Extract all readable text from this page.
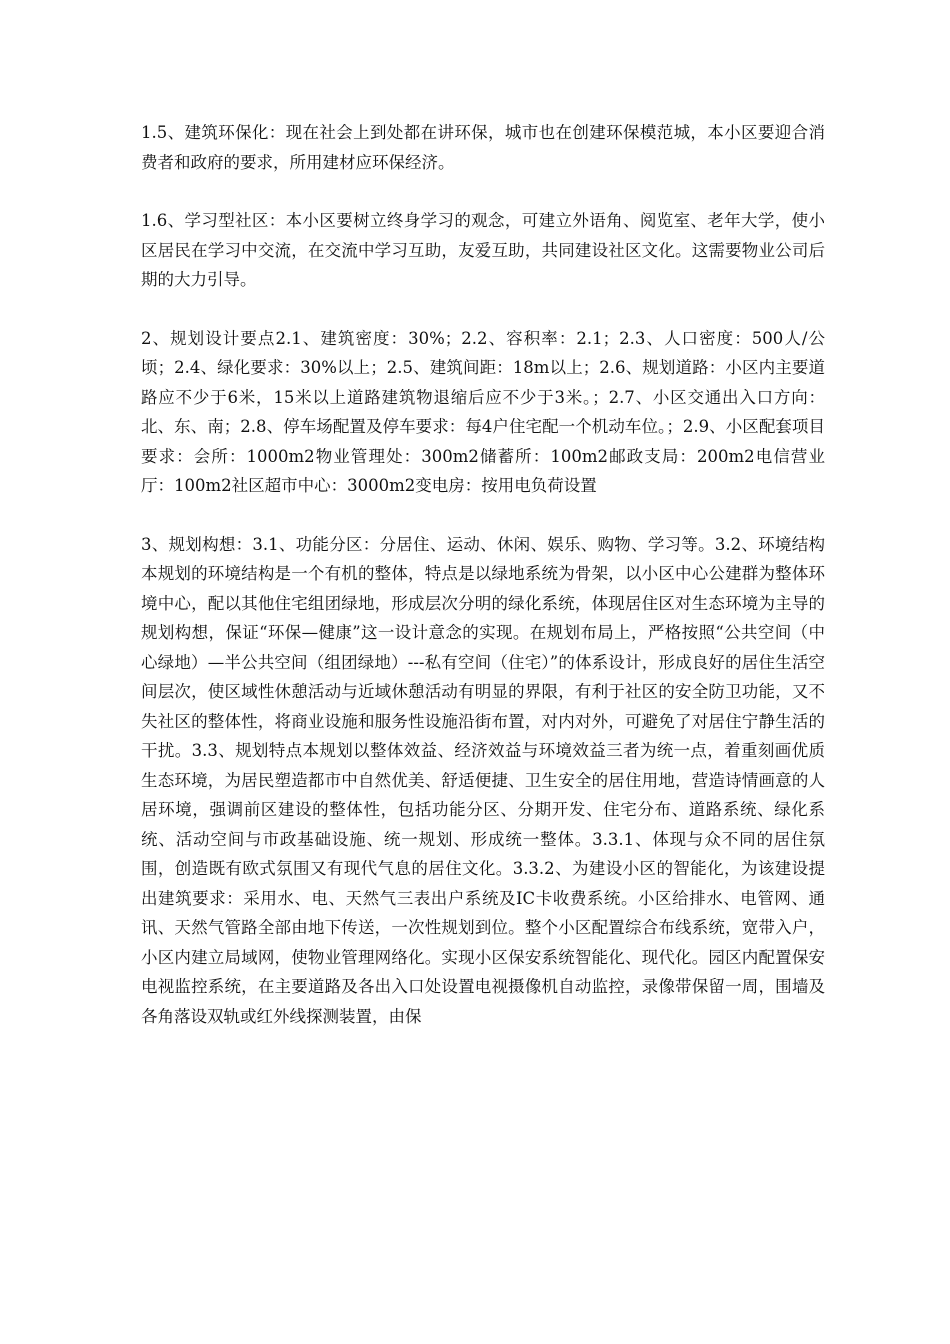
1.5、建筑环保化：现在社会上到处都在讲环保，城市也在创建环保模范城，本小区要迎合消费者和政府的要求，所用建材应环保经济。

1.6、学习型社区：本小区要树立终身学习的观念，可建立外语角、阅览室、老年大学，使小区居民在学习中交流，在交流中学习互助，友爱互助，共同建设社区文化。这需要物业公司后期的大力引导。

2、规划设计要点2.1、建筑密度：30%；2.2、容积率：2.1；2.3、人口密度：500人/公顷；2.4、绿化要求：30%以上；2.5、建筑间距：18m以上；2.6、规划道路：小区内主要道路应不少于6米，15米以上道路建筑物退缩后应不少于3米。；2.7、小区交通出入口方向：北、东、南；2.8、停车场配置及停车要求：每4户住宅配一个机动车位。；2.9、小区配套项目要求：会所：1000m2物业管理处：300m2储蓄所：100m2邮政支局：200m2电信营业厅：100m2社区超市中心：3000m2变电房：按用电负荷设置

3、规划构想：3.1、功能分区：分居住、运动、休闲、娱乐、购物、学习等。3.2、环境结构本规划的环境结构是一个有机的整体，特点是以绿地系统为骨架，以小区中心公建群为整体环境中心，配以其他住宅组团绿地，形成层次分明的绿化系统，体现居住区对生态环境为主导的规划构想，保证“环保—健康”这一设计意念的实现。在规划布局上，严格按照“公共空间（中心绿地）—半公共空间（组团绿地）---私有空间（住宅）”的体系设计，形成良好的居住生活空间层次，使区域性休憩活动与近域休憩活动有明显的界限，有利于社区的安全防卫功能，又不失社区的整体性，将商业设施和服务性设施沿街布置，对内对外，可避免了对居住宁静生活的干扰。3.3、规划特点本规划以整体效益、经济效益与环境效益三者为统一点，着重刻画优质生态环境，为居民塑造都市中自然优美、舒适便捷、卫生安全的居住用地，营造诗情画意的人居环境，强调前区建设的整体性，包括功能分区、分期开发、住宅分布、道路系统、绿化系统、活动空间与市政基础设施、统一规划、形成统一整体。3.3.1、体现与众不同的居住氛围，创造既有欧式氛围又有现代气息的居住文化。3.3.2、为建设小区的智能化，为该建设提出建筑要求：采用水、电、天然气三表出户系统及IC卡收费系统。小区给排水、电管网、通讯、天然气管路全部由地下传送，一次性规划到位。整个小区配置综合布线系统，宽带入户，小区内建立局域网，使物业管理网络化。实现小区保安系统智能化、现代化。园区内配置保安电视监控系统，在主要道路及各出入口处设置电视摄像机自动监控，录像带保留一周，围墙及各角落设双轨或红外线探测装置，由保
